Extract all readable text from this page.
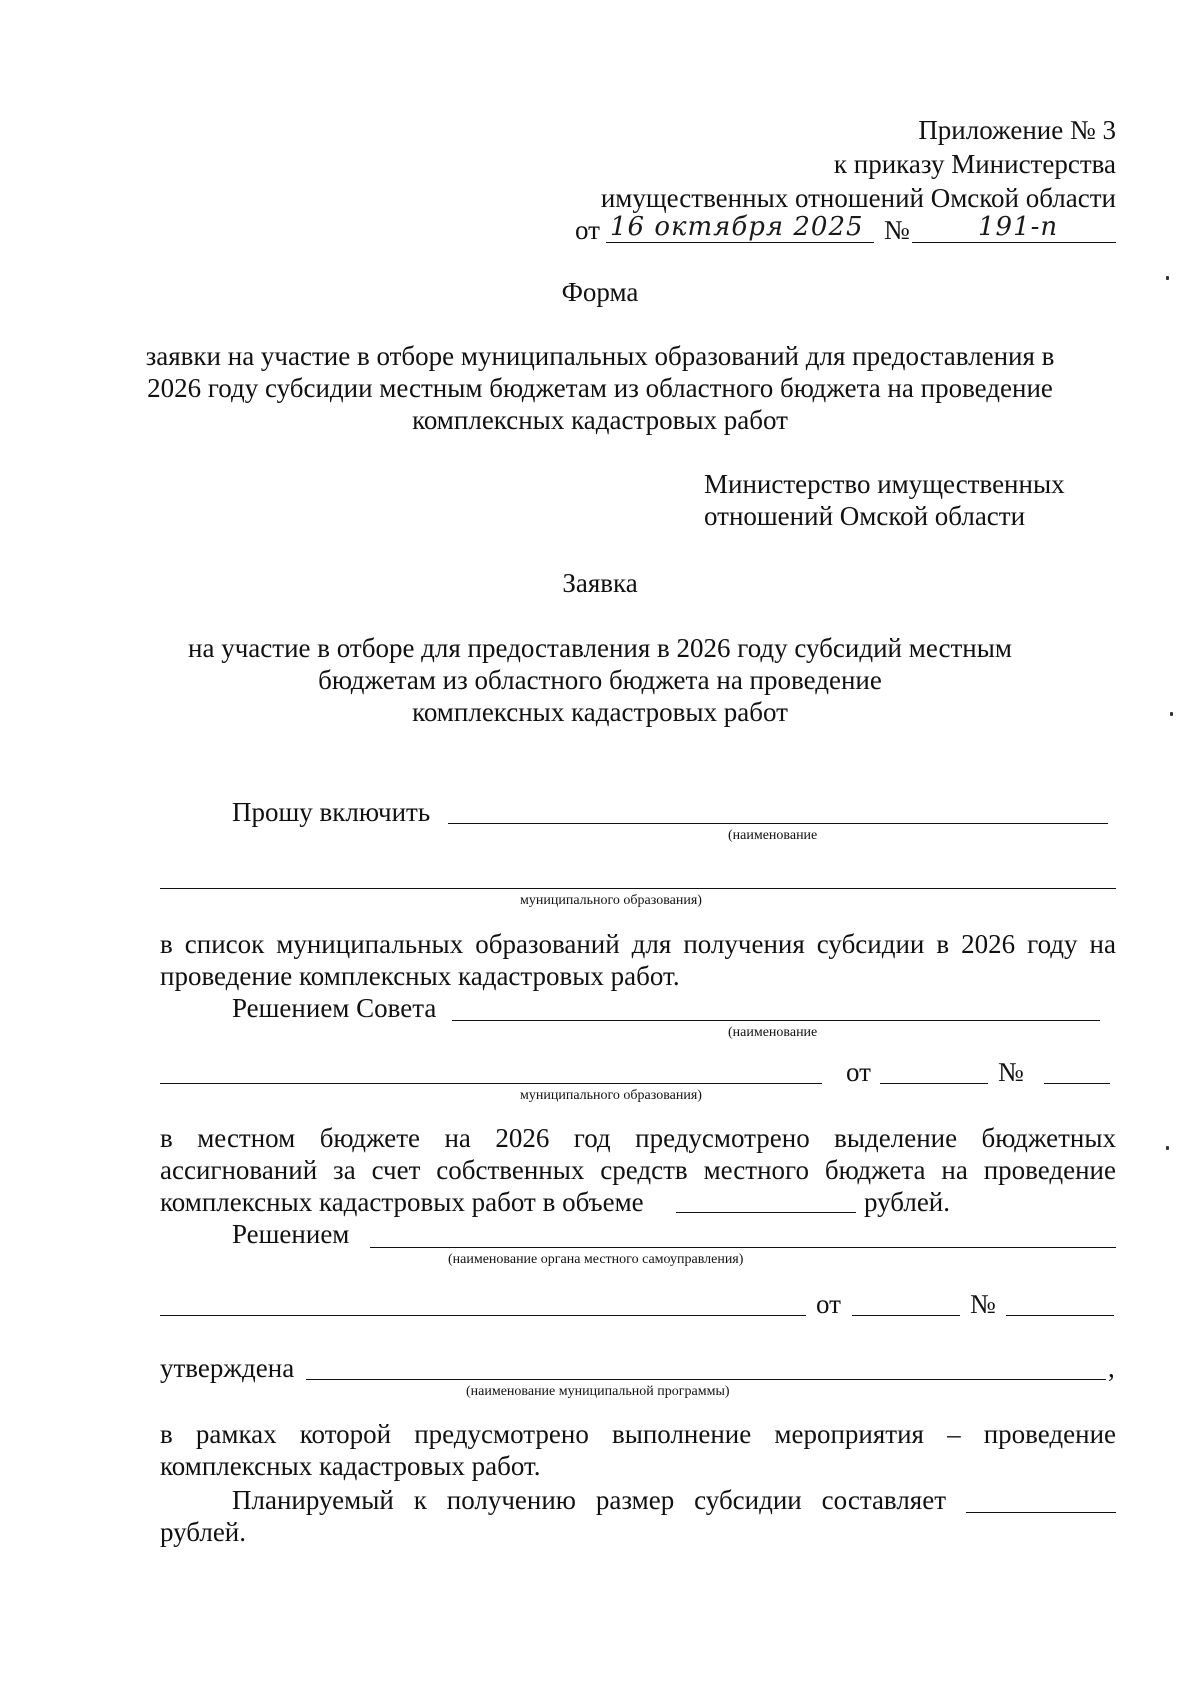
Приложение № 3
к приказу Министерства
имущественных отношений Омской области
от 16 октября 2025 №	191-п
Форма
заявки на участие в отборе муниципальных образований для предоставления в
2026 году субсидии местным бюджетам из областного бюджета на проведение
комплексных кадастровых работ
Министерство имущественных
отношений Омской области
Заявка
на участие в отборе для предоставления в 2026 году субсидий местным
бюджетам из областного бюджета на проведение
комплексных кадастровых работ
Прошу включить
(наименование
муниципального образования)
в список муниципальных образований для получения субсидии в 2026 году на
проведение комплексных кадастровых работ.
Решением Совета
(наименование
от	№
муниципального образования)
в местном бюджете на 2026 год предусмотрено выделение бюджетных
ассигнований за счет собственных средств местного бюджета на проведение
комплексных кадастровых работ в объеме	рублей.
Решением
(наименование органа местного самоуправления)
от	№
утверждена	,
(наименование муниципальной программы)
в рамках которой предусмотрено выполнение мероприятия – проведение
комплексных кадастровых работ.
Планируемый к получению размер субсидии составляет
рублей.
